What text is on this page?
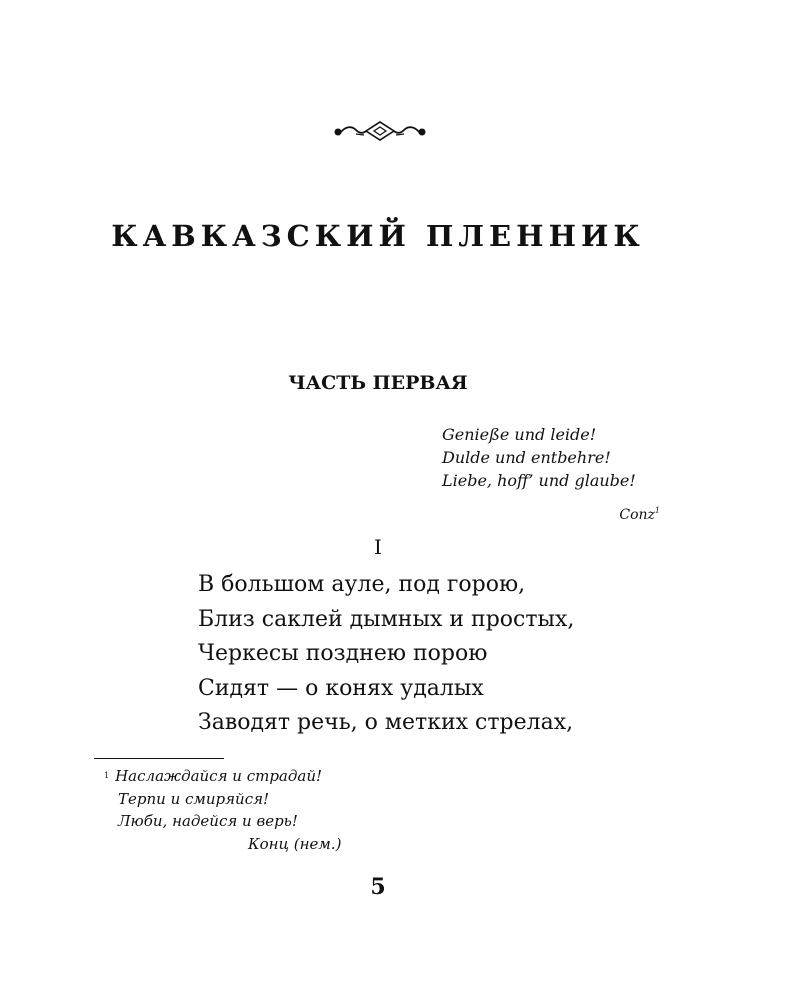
КАВКАЗСКИЙ ПЛЕННИК
ЧАСТЬ ПЕРВАЯ
Genieße und leide!
Dulde und entbehre!
Liebe, hoff’ und glaube!
Conz$^1$
I
В большом ауле, под горою,
Близ саклей дымных и простых,
Черкесы позднею порою
Сидят — о конях удалых
Заводят речь, о метких стрелах,
$^1$ Наслаждайся и страдай!
Терпи и смиряйся!
Люби, надейся и верь!
Конц (нем.)
5
